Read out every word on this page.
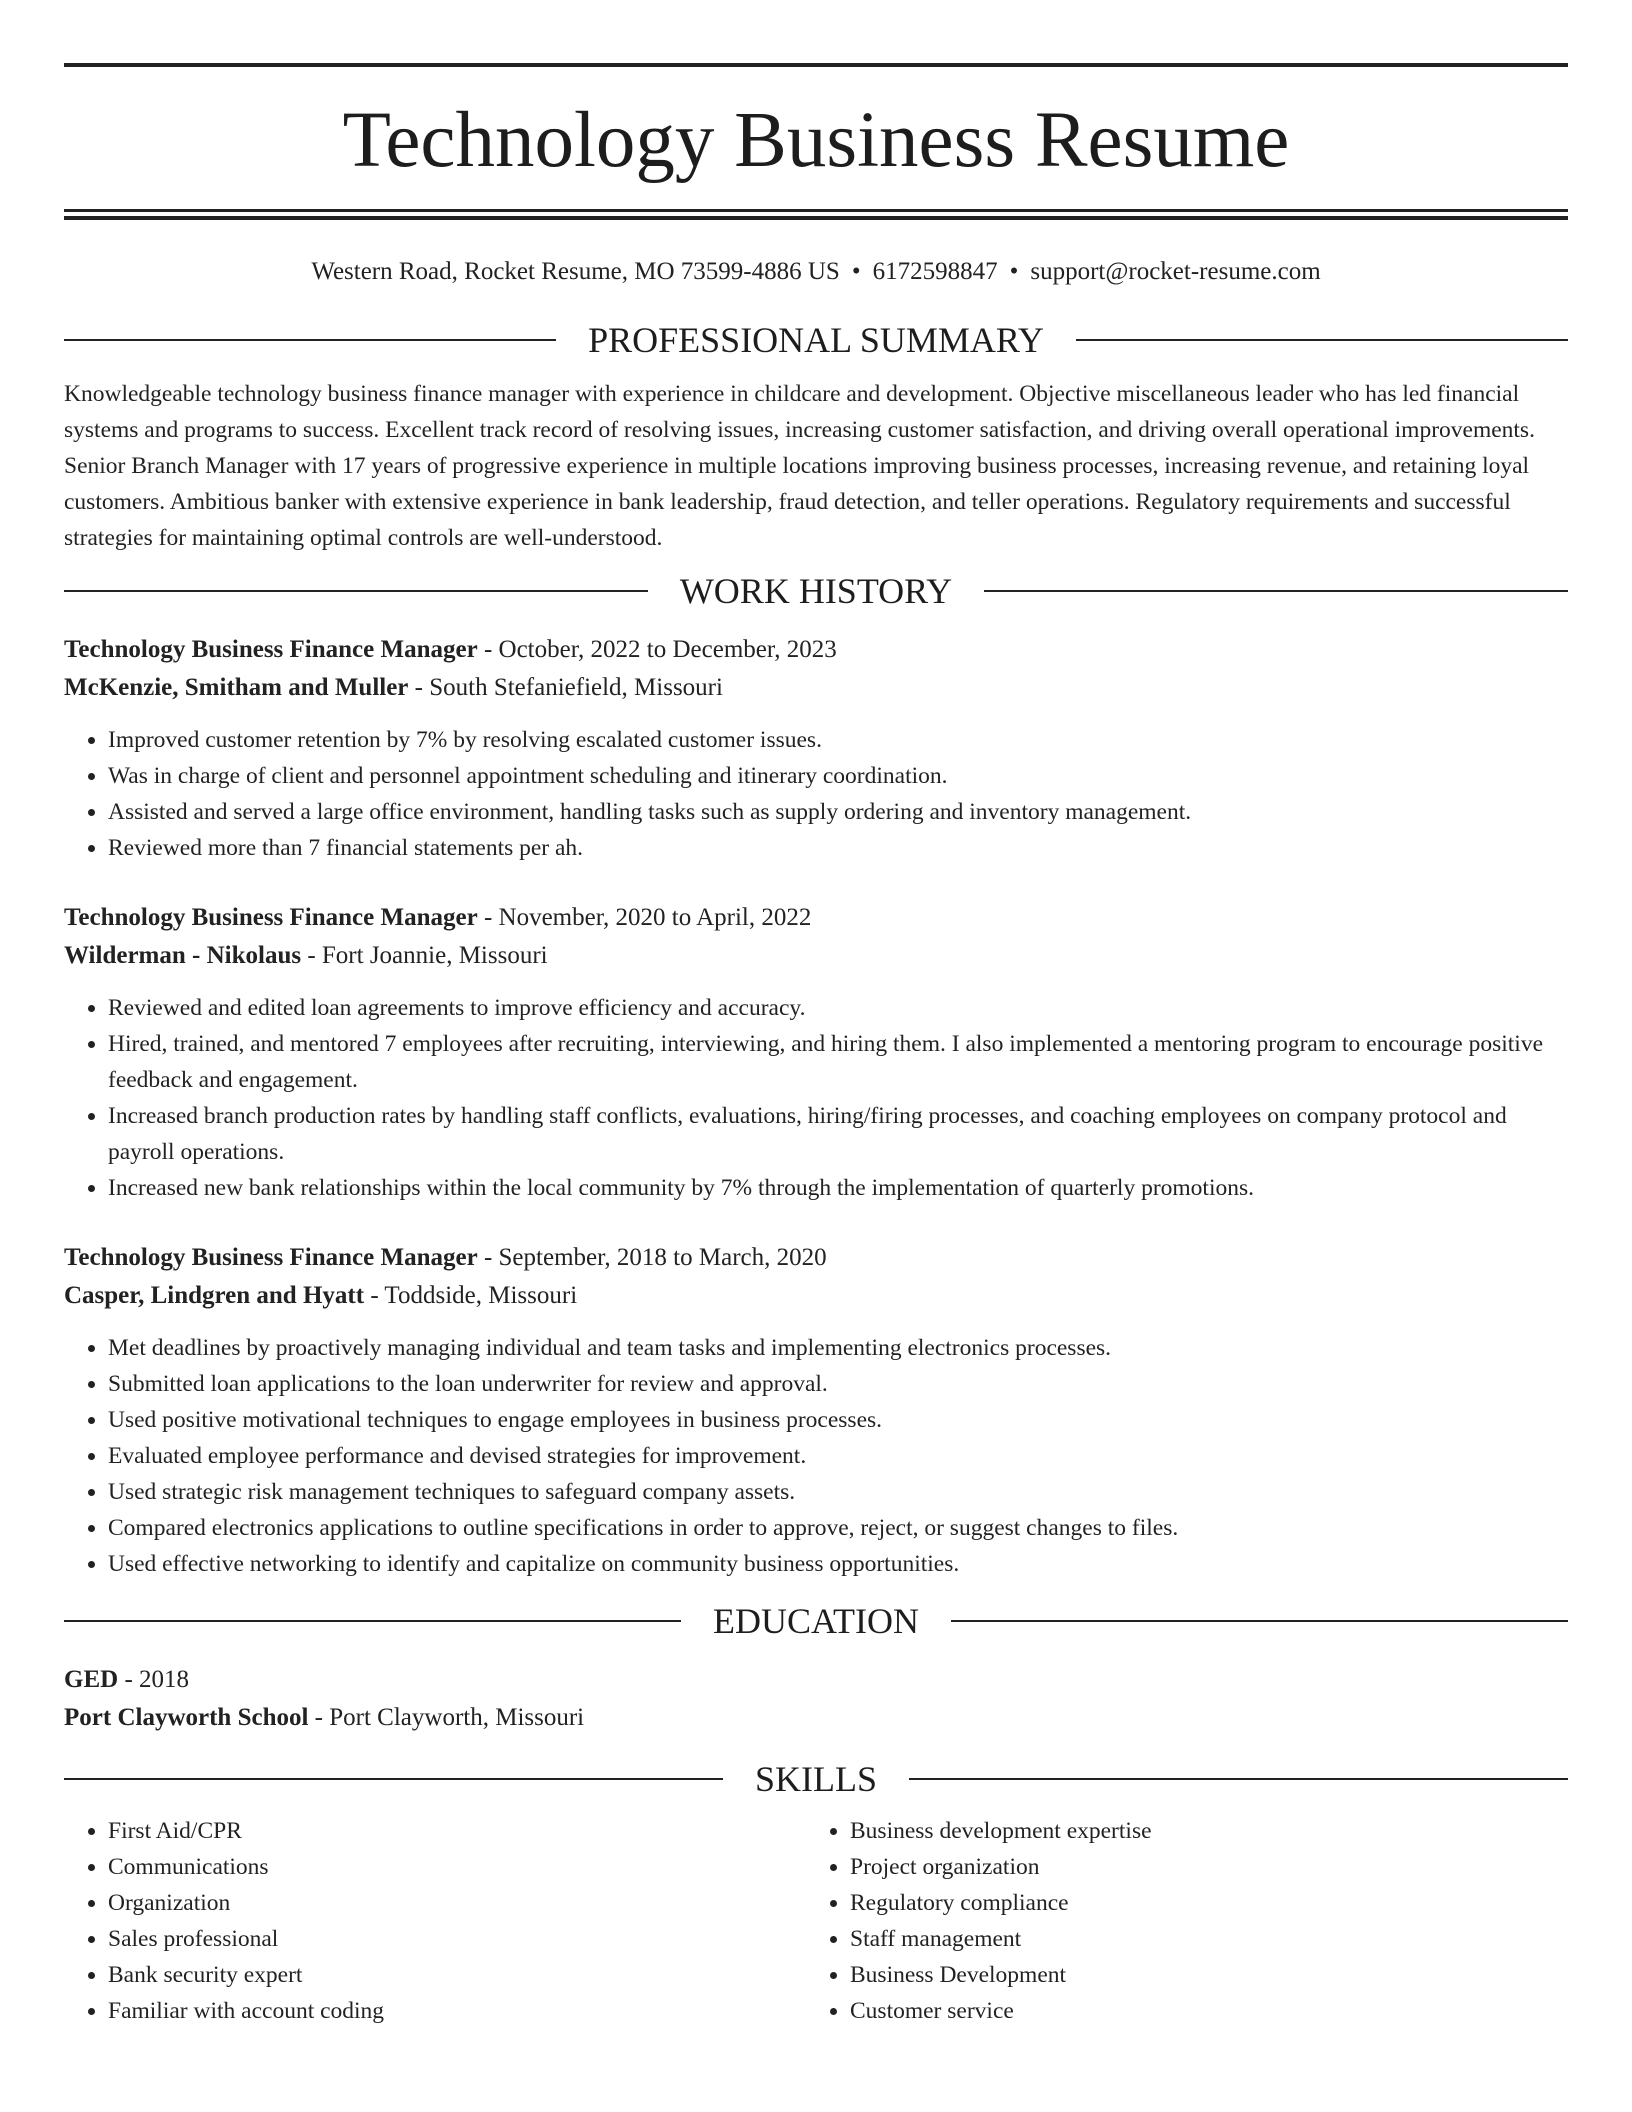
Technology Business Resume
Western Road, Rocket Resume, MO 73599-4886 US • 6172598847 • support@rocket-resume.com
PROFESSIONAL SUMMARY

Knowledgeable technology business finance manager with experience in childcare and development. Objective miscellaneous leader who has led financial systems and programs to success. Excellent track record of resolving issues, increasing customer satisfaction, and driving overall operational improvements. Senior Branch Manager with 17 years of progressive experience in multiple locations improving business processes, increasing revenue, and retaining loyal customers. Ambitious banker with extensive experience in bank leadership, fraud detection, and teller operations. Regulatory requirements and successful strategies for maintaining optimal controls are well-understood.

WORK HISTORY
Technology Business Finance Manager - October, 2022 to December, 2023
McKenzie, Smitham and Muller - South Stefaniefield, Missouri
• Improved customer retention by 7% by resolving escalated customer issues.
• Was in charge of client and personnel appointment scheduling and itinerary coordination.
• Assisted and served a large office environment, handling tasks such as supply ordering and inventory management.
• Reviewed more than 7 financial statements per ah.
Technology Business Finance Manager - November, 2020 to April, 2022
Wilderman - Nikolaus - Fort Joannie, Missouri
• Reviewed and edited loan agreements to improve efficiency and accuracy.
• Hired, trained, and mentored 7 employees after recruiting, interviewing, and hiring them. I also implemented a mentoring program to encourage positive feedback and engagement.
• Increased branch production rates by handling staff conflicts, evaluations, hiring/firing processes, and coaching employees on company protocol and payroll operations.
• Increased new bank relationships within the local community by 7% through the implementation of quarterly promotions.
Technology Business Finance Manager - September, 2018 to March, 2020
Casper, Lindgren and Hyatt - Toddside, Missouri
• Met deadlines by proactively managing individual and team tasks and implementing electronics processes.
• Submitted loan applications to the loan underwriter for review and approval.
• Used positive motivational techniques to engage employees in business processes.
• Evaluated employee performance and devised strategies for improvement.
• Used strategic risk management techniques to safeguard company assets.
• Compared electronics applications to outline specifications in order to approve, reject, or suggest changes to files.
• Used effective networking to identify and capitalize on community business opportunities.
EDUCATION
GED - 2018
Port Clayworth School - Port Clayworth, Missouri
SKILLS
• First Aid/CPR
• Communications
• Organization
• Sales professional
• Bank security expert
• Familiar with account coding
• Business development expertise
• Project organization
• Regulatory compliance
• Staff management
• Business Development
• Customer service
